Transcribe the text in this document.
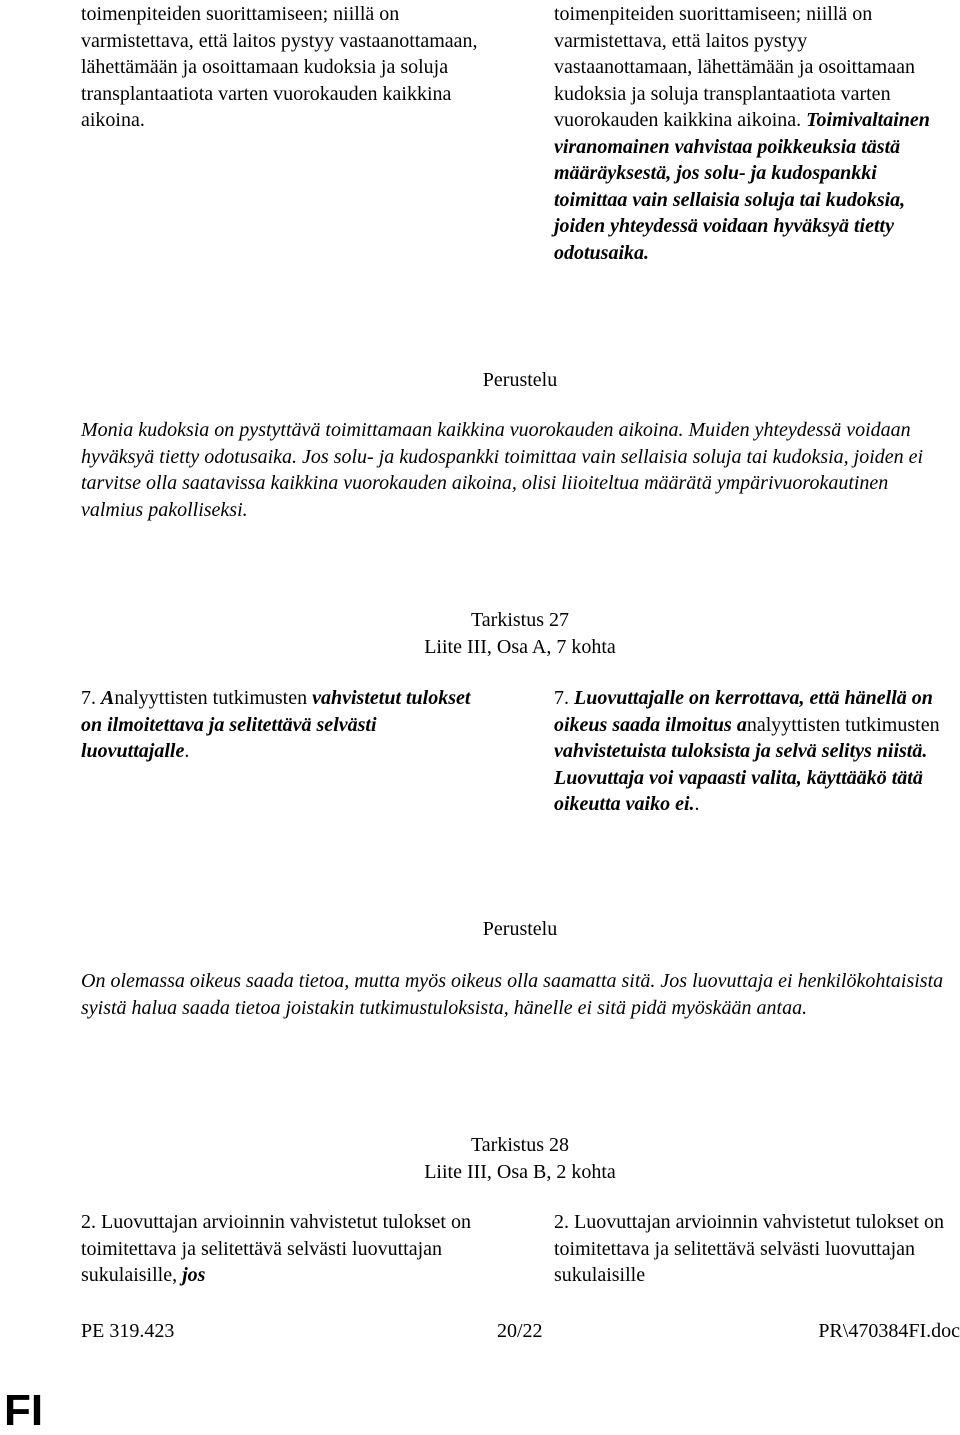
toimenpiteiden suorittamiseen; niillä on varmistettava, että laitos pystyy vastaanottamaan, lähettämään ja osoittamaan kudoksia ja soluja transplantaatiota varten vuorokauden kaikkina aikoina.

toimenpiteiden suorittamiseen; niillä on varmistettava, että laitos pystyy vastaanottamaan, lähettämään ja osoittamaan kudoksia ja soluja transplantaatiota varten vuorokauden kaikkina aikoina. Toimivaltainen viranomainen vahvistaa poikkeuksia tästä määräyksestä, jos solu- ja kudospankki toimittaa vain sellaisia soluja tai kudoksia, joiden yhteydessä voidaan hyväksyä tietty odotusaika.

Perustelu

Monia kudoksia on pystyttävä toimittamaan kaikkina vuorokauden aikoina. Muiden yhteydessä voidaan hyväksyä tietty odotusaika. Jos solu- ja kudospankki toimittaa vain sellaisia soluja tai kudoksia, joiden ei tarvitse olla saatavissa kaikkina vuorokauden aikoina, olisi liioiteltua määrätä ympärivuorokautinen valmius pakolliseksi.

Tarkistus 27
Liite III, Osa A, 7 kohta

7. Analyyttisten tutkimusten vahvistetut tulokset on ilmoitettava ja selitettävä selvästi luovuttajalle.

7. Luovuttajalle on kerrottava, että hänellä on oikeus saada ilmoitus analyyttisten tutkimusten vahvistetuista tuloksista ja selvä selitys niistä. Luovuttaja voi vapaasti valita, käyttääkö tätä oikeutta vaiko ei..

Perustelu

On olemassa oikeus saada tietoa, mutta myös oikeus olla saamatta sitä. Jos luovuttaja ei henkilökohtaisista syistä halua saada tietoa joistakin tutkimustuloksista, hänelle ei sitä pidä myöskään antaa.

Tarkistus 28
Liite III, Osa B, 2 kohta

2. Luovuttajan arvioinnin vahvistetut tulokset on toimitettava ja selitettävä selvästi luovuttajan sukulaisille, jos

2. Luovuttajan arvioinnin vahvistetut tulokset on toimitettava ja selitettävä selvästi luovuttajan sukulaisille

PE 319.423	20/22	PR\470384FI.doc
FI
